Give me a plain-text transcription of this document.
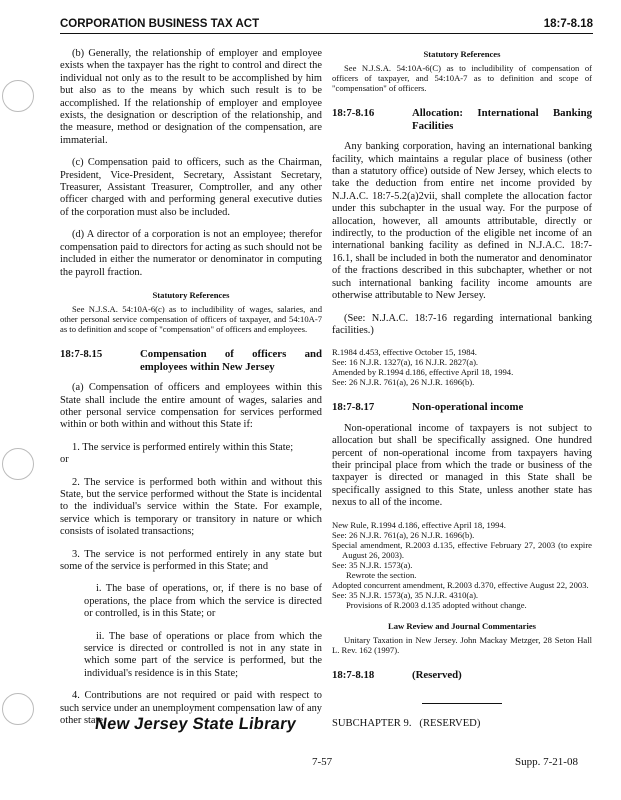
CORPORATION BUSINESS TAX ACT	18:7-8.18

(b) Generally, the relationship of employer and employee exists when the taxpayer has the right to control and direct the individual not only as to the result to be accomplished by him but also as to the means by which such result is to be accomplished. If the relationship of employer and employee exists, the designation or description of the relationship, and the measure, method or designation of the compensation, are immaterial.

(c) Compensation paid to officers, such as the Chairman, President, Vice-President, Secretary, Assistant Secretary, Treasurer, Assistant Treasurer, Comptroller, and any other officer charged with and performing general executive duties of the corporation must also be included.

(d) A director of a corporation is not an employee; therefor compensation paid to directors for acting as such should not be included in either the numerator or denominator in computing the payroll fraction.

Statutory References

See N.J.S.A. 54:10A-6(c) as to includibility of wages, salaries, and other personal service compensation of officers of taxpayer, and 54:10A-7 as to definition and scope of "compensation" of officers and employees.

18:7-8.15	Compensation of officers and employees within New Jersey

(a) Compensation of officers and employees within this State shall include the entire amount of wages, salaries and other personal service compensation for services performed within or both within and without this State if:

1. The service is performed entirely within this State;

or

2. The service is performed both within and without this State, but the service performed without the State is incidental to the individual's service within the State. For example, service which is temporary or transitory in nature or which consists of isolated transactions;

3. The service is not performed entirely in any state but some of the service is performed in this State; and

i. The base of operations, or, if there is no base of operations, the place from which the service is directed or controlled, is in this State; or

ii. The base of operations or place from which the service is directed or controlled is not in any state in which some part of the service is performed, but the individual's residence is in this State;

4. Contributions are not required or paid with respect to such service under an unemployment compensation law of any other state.

Statutory References

See N.J.S.A. 54:10A-6(C) as to includibility of compensation of officers of taxpayer, and 54:10A-7 as to definition and scope of "compensation" of officers.

18:7-8.16	Allocation: International Banking Facilities

Any banking corporation, having an international banking facility, which maintains a regular place of business (other than a statutory office) outside of New Jersey, which elects to take the deduction from entire net income provided by N.J.A.C. 18:7-5.2(a)2vii, shall complete the allocation factor under this subchapter in the usual way. For the purpose of allocation, however, all amounts attributable, directly or indirectly, to the production of the eligible net income of an international banking facility as defined in N.J.A.C. 18:7-16.1, shall be included in both the numerator and denominator of the fractions described in this subchapter, whether or not such international banking facility income amounts are otherwise attributable to New Jersey.

(See: N.J.A.C. 18:7-16 regarding international banking facilities.)

R.1984 d.453, effective October 15, 1984.
See: 16 N.J.R. 1327(a), 16 N.J.R. 2827(a).
Amended by R.1994 d.186, effective April 18, 1994.
See: 26 N.J.R. 761(a), 26 N.J.R. 1696(b).
18:7-8.17	Non-operational income

Non-operational income of taxpayers is not subject to allocation but shall be specifically assigned. One hundred percent of non-operational income from taxpayers having their principal place from which the trade or business of the taxpayer is directed or managed in this State shall be specifically assigned to this State, unless another state has nexus to all of the income.

New Rule, R.1994 d.186, effective April 18, 1994.
See: 26 N.J.R. 761(a), 26 N.J.R. 1696(b).
Special amendment, R.2003 d.135, effective February 27, 2003 (to expire August 26, 2003).
See: 35 N.J.R. 1573(a).
Rewrote the section.
Adopted concurrent amendment, R.2003 d.370, effective August 22, 2003.
See: 35 N.J.R. 1573(a), 35 N.J.R. 4310(a).
Provisions of R.2003 d.135 adopted without change.
Law Review and Journal Commentaries

Unitary Taxation in New Jersey. John Mackay Metzger, 28 Seton Hall L. Rev. 162 (1997).

18:7-8.18	(Reserved)
SUBCHAPTER 9.   (RESERVED)
New Jersey State Library
7-57	Supp. 7-21-08
